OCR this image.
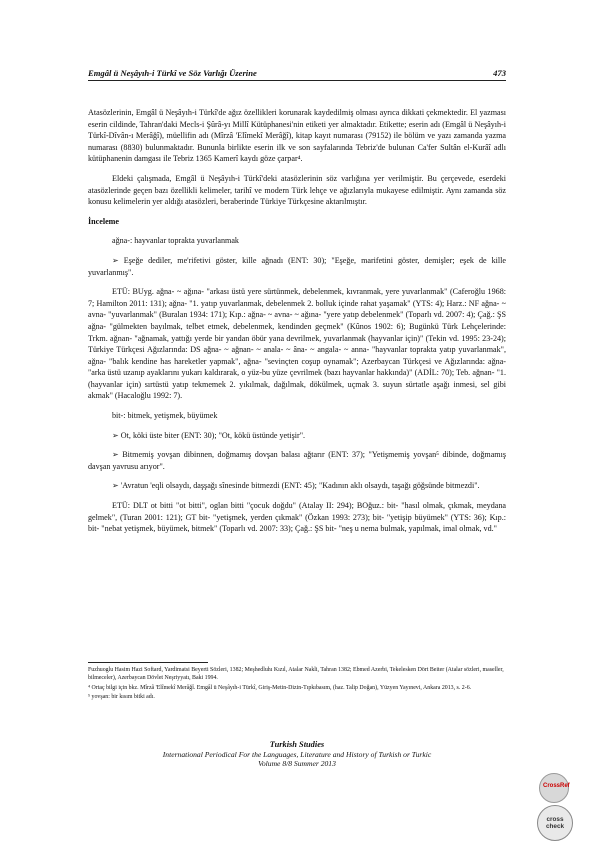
Emgâl ü Neşâyıh-i Türkî ve Söz Varlığı Üzerine	473

Atasözlerinin, Emgâl ü Neşâyıh-i Türkî'de ağız özellikleri korunarak kaydedilmiş olması ayrıca dikkati çekmektedir. El yazması eserin cildinde, Tahran'daki Mecls-i Şûrâ-yı Millî Kütüphanesi'nin etiketi yer almaktadır. Etikette; eserin adı (Emgâl ü Neşâyıh-i Türkî-Dîvân-ı Merâğî), müellifin adı (Mîrzâ 'Elîmekî Merâğî), kitap kayıt numarası (79152) ile bölüm ve yazı zamanda yazma numarası (8830) bulunmaktadır. Bununla birlikte eserin ilk ve son sayfalarında Tebriz'de bulunan Ca'fer Sultân el-Kurâî adlı kütüphanenin damgası ile Tebriz 1365 Kamerî kaydı göze çarpar⁴.

Eldeki çalışmada, Emgâl ü Neşâyıh-i Türkî'deki atasözlerinin söz varlığına yer verilmiştir. Bu çerçevede, eserdeki atasözlerinde geçen bazı özellikli kelimeler, tarihî ve modern Türk lehçe ve ağızlarıyla mukayese edilmiştir. Aynı zamanda söz konusu kelimelerin yer aldığı atasözleri, beraberinde Türkiye Türkçesine aktarılmıştır.

İnceleme

ağna-: hayvanlar toprakta yuvarlanmak

➢ Eşeğe dediler, me'rifetivi göster, kille ağnadı (ENT: 30); "Eşeğe, marifetini göster, demişler; eşek de kille yuvarlanmış".

ETÜ: BUyg. ağna- ~ ağına- "arkası üstü yere sürtünmek, debelenmek, kıvranmak, yere yuvarlanmak" (Caferoğlu 1968: 7; Hamilton 2011: 131); ağna- "1. yatıp yuvarlanmak, debelenmek 2. bolluk içinde rahat yaşamak" (YTS: 4); Harz.: NF ağna- ~ avna- "yuvarlanmak" (Buralan 1934: 171); Kıp.: ağna- ~ avna- ~ ağına- "yere yatıp debelenmek" (Toparlı vd. 2007: 4); Çağ.: ŞS ağna- "gülmekten bayılmak, telbet etmek, debelenmek, kendinden geçmek" (Kûnos 1902: 6); Bugünkü Türk Lehçelerinde: Trkm. ağnan- "ağnamak, yattığı yerde bir yandan öbür yana devrilmek, yuvarlanmak (hayvanlar için)" (Tekin vd. 1995: 23-24); Türkiye Türkçesi Ağızlarında: DS ağna- ~ ağnan- ~ anala- ~ âna- ~ angala- ~ anna- "hayvanlar toprakta yatıp yuvarlanmak", ağna- "balık kendine has hareketler yapmak", ağna- "sevinçten coşup oynamak"; Azerbaycan Türkçesi ve Ağızlarında: ağna- "arka üstü uzanıp ayaklarını yukarı kaldırarak, o yüz-bu yüze çevrilmek (bazı hayvanlar hakkında)" (ADİL: 70); Teb. ağnan- "1. (hayvanlar için) sırtüstü yatıp tekmemek 2. yıkılmak, dağılmak, dökülmek, uçmak 3. suyun sürtatle aşağı inmesi, sel gibi akmak" (Hacaloğlu 1992: 7).

bit-: bitmek, yetişmek, büyümek

➢ Ot, köki üste biter (ENT: 30); "Ot, kökü üstünde yetişir".

➢ Bitmemiş yovşan dibinnen, doğmamış dovşan balası ağtarır (ENT: 37); "Yetişmemiş yovşan⁵ dibinde, doğmamış davşan yavrusu arıyor".

➢ 'Avratun 'eqli olsaydı, daşşağı sînesinde bitmezdi (ENT: 45); "Kadının aklı olsaydı, taşağı göğsünde bitmezdi".

ETÜ: DLT ot bitti "ot bitti", oglan bitti "çocuk doğdu" (Atalay II: 294); BOğuz.: bit- "hasıl olmak, çıkmak, meydana gelmek", (Turan 2001: 121); GT bit- "yetişmek, yerden çıkmak" (Özkan 1993: 273); bit- "yetişip büyümek" (YTS: 36); Kıp.: bit- "nebat yetişmek, büyümek, bitmek" (Toparlı vd. 2007: 33); Çağ.: ŞS bit- "neş u nema bulmak, yapılmak, imal olmak, vd."

Fuzhuoglu Hasim Hazi Softard, Yardimatsi Beyerti Sözleri, 1382; Meşhedluhı Kızıl, Atalar Nakli, Tahran 1382; Ebmed Azerbi, Tekelesken Dört Beiter (Atalar sözleri, maseller, bilmeceler), Azerbaycan Dövlet Neşriyyatı, Baki 1994.

⁴ Ortaç bilgi için bkz. Mîrzâ 'Elîmekî Merâğî. Emgâl ü Neşâyıh-i Türkî, Giriş-Metin-Dizin-Tıpkıbasım, (haz. Talip Doğan), Yüzyen Yayınevi, Ankara 2013, s. 2-6.

⁵ yovşan: bir kısım bitki adı.

Turkish Studies
International Periodical For the Languages, Literature and History of Turkish or Turkic
Volume 8/8 Summer 2013
CrossRef
cross check
